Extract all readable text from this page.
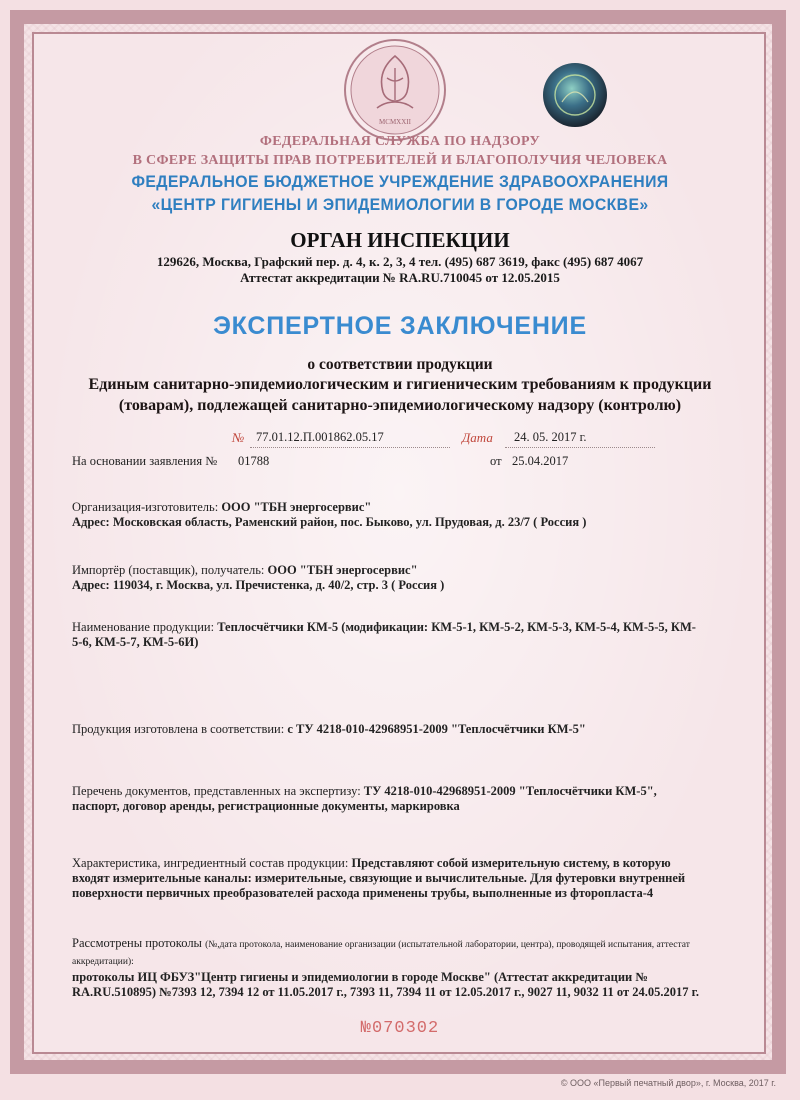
MCMXXII
ФЕДЕРАЛЬНАЯ СЛУЖБА ПО НАДЗОРУ
В СФЕРЕ ЗАЩИТЫ ПРАВ ПОТРЕБИТЕЛЕЙ И БЛАГОПОЛУЧИЯ ЧЕЛОВЕКА
ФЕДЕРАЛЬНОЕ БЮДЖЕТНОЕ УЧРЕЖДЕНИЕ ЗДРАВООХРАНЕНИЯ
«ЦЕНТР ГИГИЕНЫ И ЭПИДЕМИОЛОГИИ В ГОРОДЕ МОСКВЕ»
ОРГАН ИНСПЕКЦИИ
129626, Москва, Графский пер. д. 4, к. 2, 3, 4 тел. (495) 687 3619, факс (495) 687 4067
Аттестат аккредитации № RA.RU.710045 от 12.05.2015
ЭКСПЕРТНОЕ ЗАКЛЮЧЕНИЕ
о соответствии продукции
Единым санитарно-эпидемиологическим и гигиеническим требованиям к продукции
(товарам), подлежащей санитарно-эпидемиологическому надзору (контролю)
№ 77.01.12.П.001862.05.17	Дата 24. 05. 2017 г.
На основании заявления № 01788	от 25.04.2017
Организация-изготовитель: ООО "ТБН энергосервис"
Адрес: Московская область, Раменский район, пос. Быково, ул. Прудовая, д. 23/7 ( Россия )
Импортёр (поставщик), получатель: ООО "ТБН энергосервис"
Адрес: 119034, г. Москва, ул. Пречистенка, д. 40/2, стр. 3 ( Россия )
Наименование продукции: Теплосчётчики КМ-5 (модификации: КМ-5-1, КМ-5-2, КМ-5-3, КМ-5-4, КМ-5-5, КМ-
5-6, КМ-5-7, КМ-5-6И)
Продукция изготовлена в соответствии: с ТУ 4218-010-42968951-2009 "Теплосчётчики КМ-5"
Перечень документов, представленных на экспертизу: ТУ 4218-010-42968951-2009 "Теплосчётчики КМ-5",
паспорт, договор аренды, регистрационные документы, маркировка
Характеристика, ингредиентный состав продукции: Представляют собой измерительную систему, в которую
входят измерительные каналы: измерительные, связующие и вычислительные. Для футеровки внутренней
поверхности первичных преобразователей расхода применены трубы, выполненные из фторопласта-4
Рассмотрены протоколы (№,дата протокола, наименование организации (испытательной лаборатории, центра), проводящей испытания, аттестат аккредитации):
протоколы ИЦ ФБУЗ"Центр гигиены и эпидемиологии в городе Москве" (Аттестат аккредитации №
RA.RU.510895) №7393 12, 7394 12 от 11.05.2017 г., 7393 11, 7394 11 от 12.05.2017 г., 9027 11, 9032 11 от 24.05.2017 г.
№070302
© ООО «Первый печатный двор», г. Москва, 2017 г.
